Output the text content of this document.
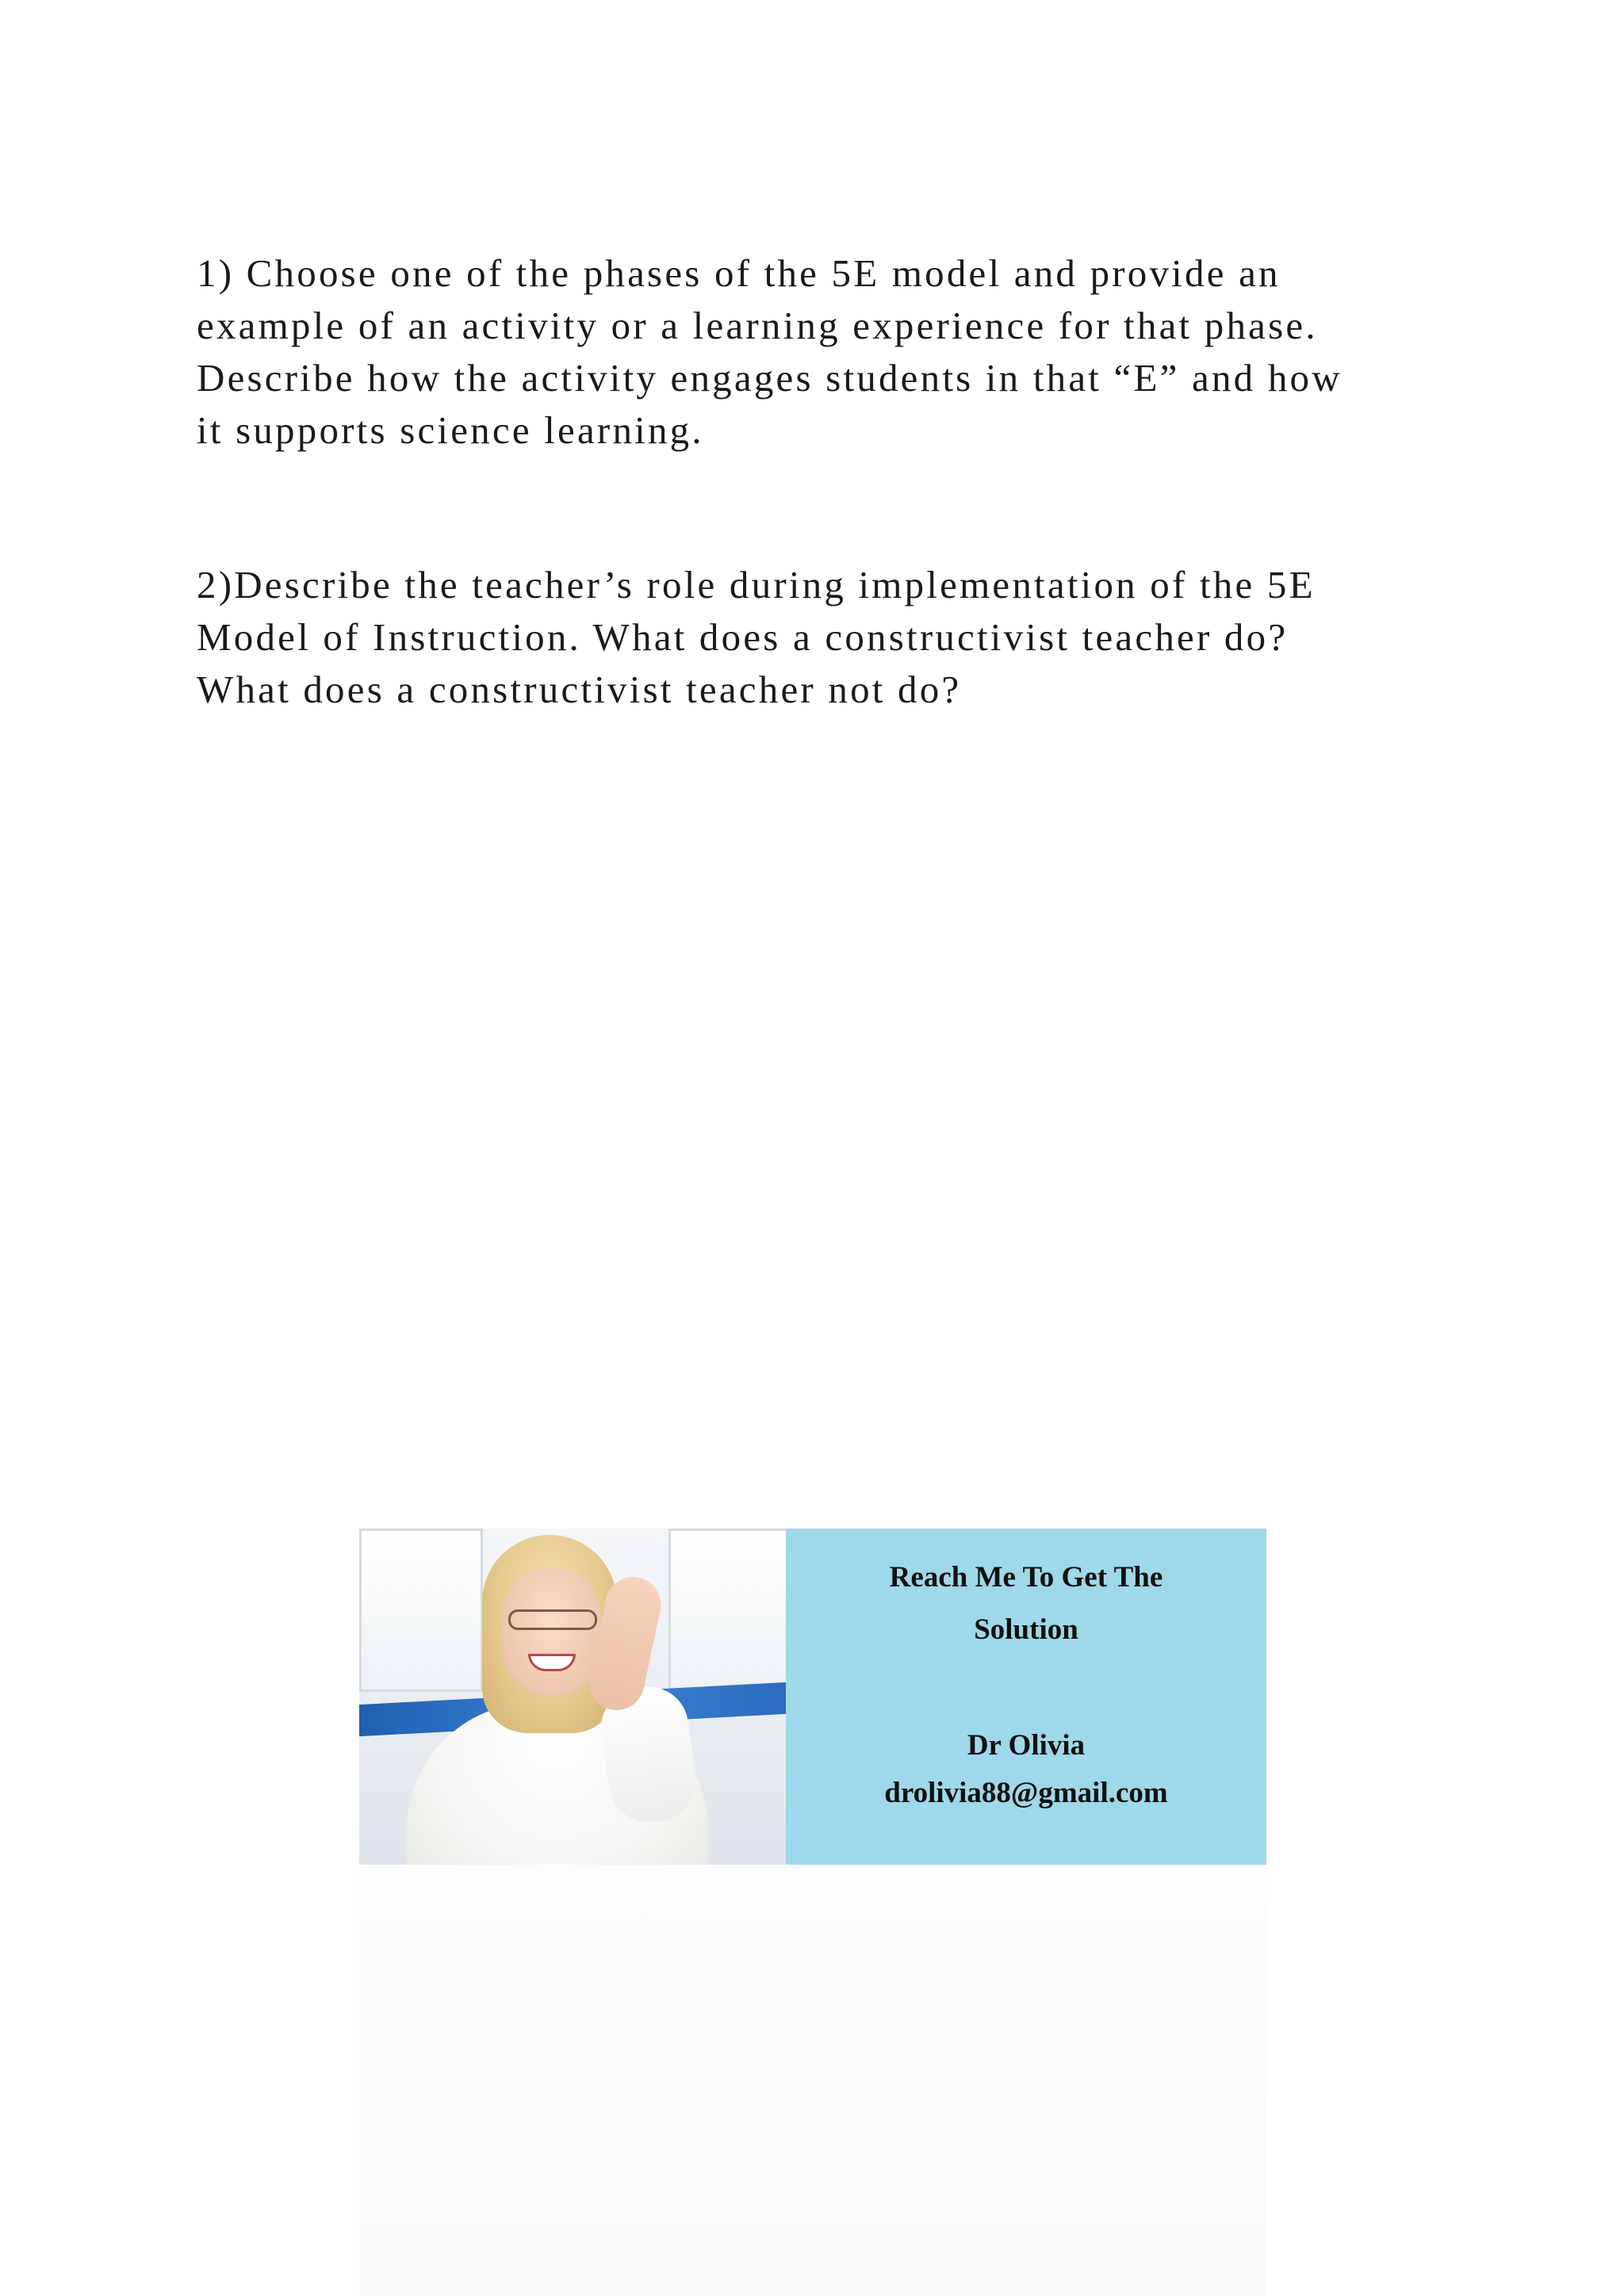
1) Choose one of the phases of the 5E model and provide an
example of an activity or a learning experience for that phase.
Describe how the activity engages students in that “E” and how
it supports science learning.
2)Describe the teacher’s role during implementation of the 5E
Model of Instruction. What does a constructivist teacher do?
What does a constructivist teacher not do?
Reach Me To Get The
Solution
Dr Olivia
drolivia88@gmail.com
